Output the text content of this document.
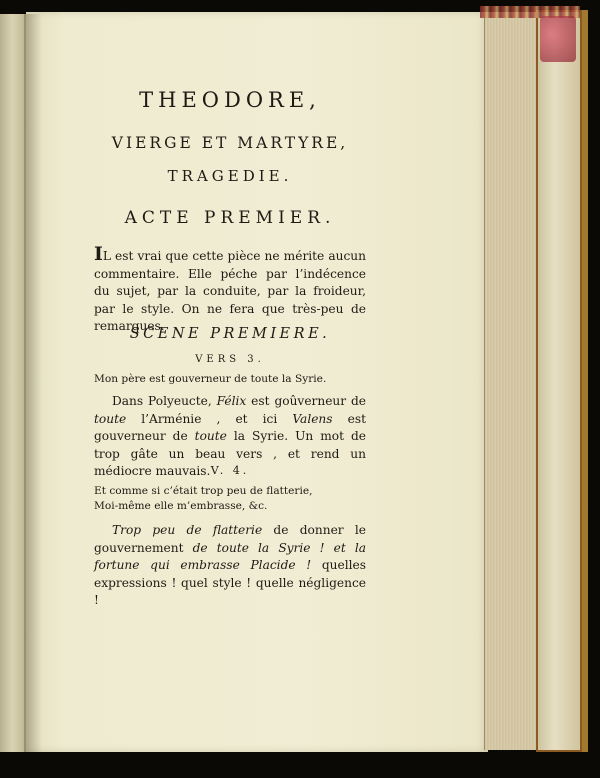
THEODORE,
VIERGE ET MARTYRE,
TRAGEDIE.
ACTE PREMIER.
IL est vrai que cette pièce ne mérite aucun commentaire. Elle péche par l’indécence du sujet, par la conduite, par la froideur, par le style. On ne fera que très-peu de remarques.
SCENE PREMIERE.
VERS 3.
Mon père est gouverneur de toute la Syrie.
Dans Polyeucte, Félix est goûverneur de toute l’Arménie , et ici Valens est gouverneur de toute la Syrie. Un mot de trop gâte un beau vers , et rend un médiocre mauvais. V. 4.
Et comme si c’était trop peu de flatterie,
Moi-même elle m’embrasse, &c.
Trop peu de flatterie de donner le gouvernement de toute la Syrie ! et la fortune qui embrasse Placide ! quelles expressions ! quel style ! quelle négligence !
